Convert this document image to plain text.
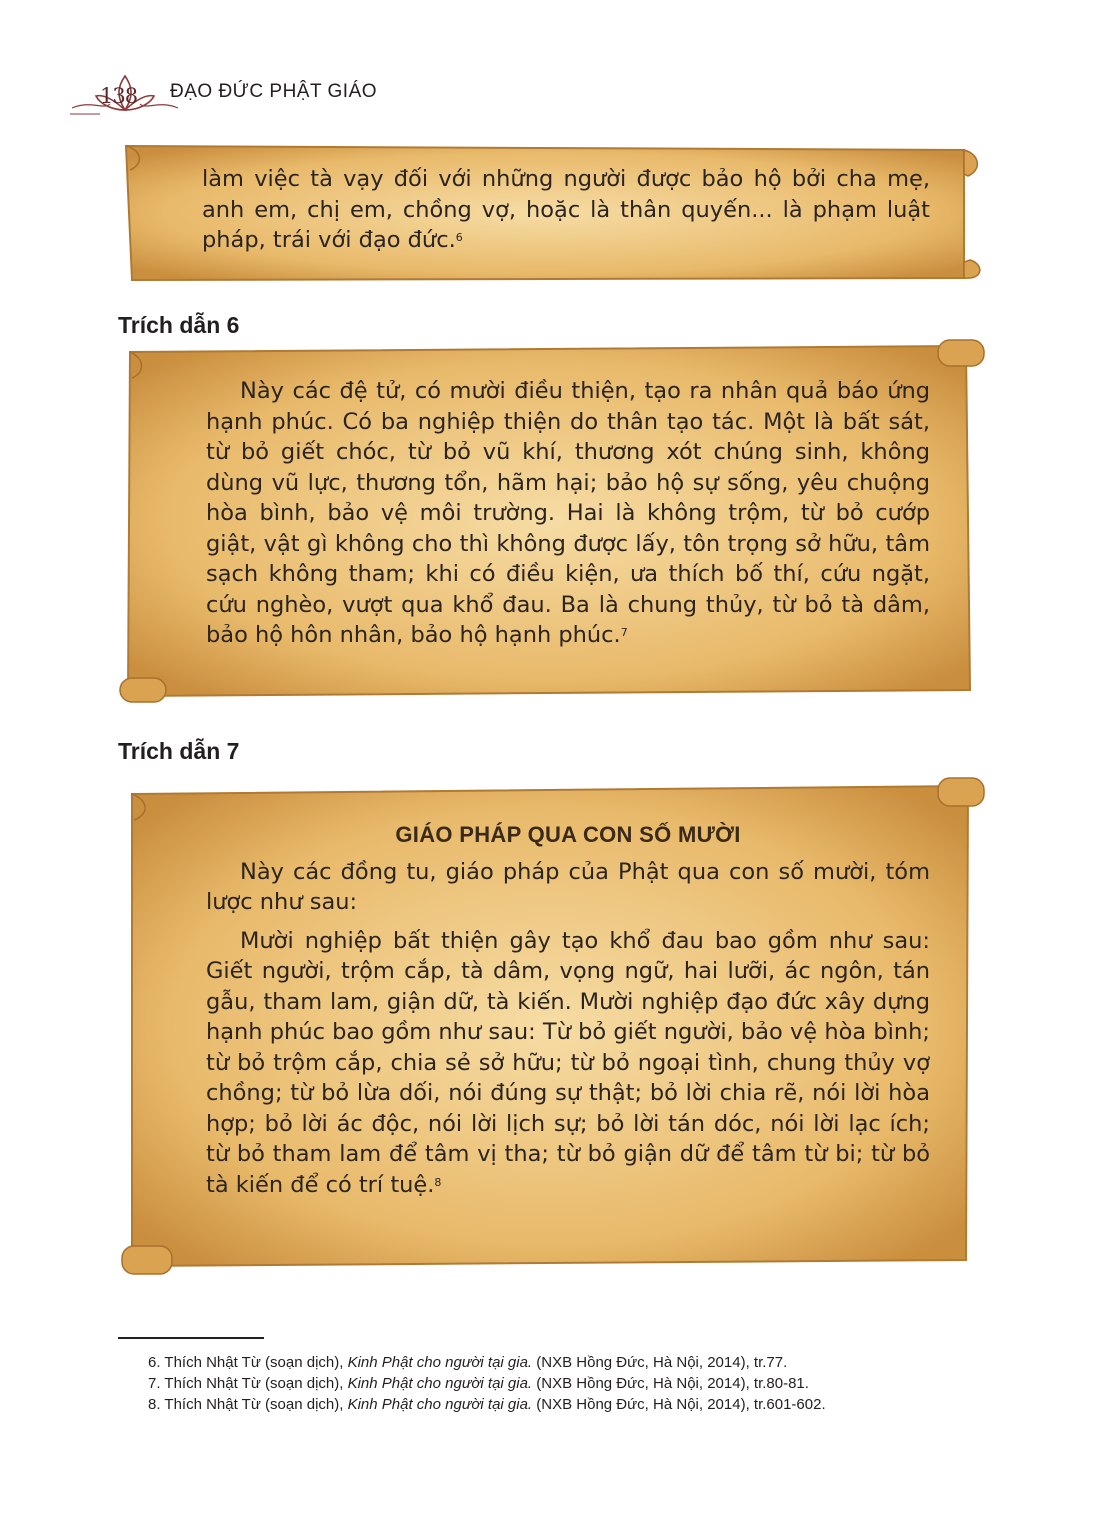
138 ĐẠO ĐỨC PHẬT GIÁO

làm việc tà vạy đối với những người được bảo hộ bởi cha mẹ, anh em, chị em, chồng vợ, hoặc là thân quyến... là phạm luật pháp, trái với đạo đức.$^6$

Trích dẫn 6

Này các đệ tử, có mười điều thiện, tạo ra nhân quả báo ứng hạnh phúc. Có ba nghiệp thiện do thân tạo tác. Một là bất sát, từ bỏ giết chóc, từ bỏ vũ khí, thương xót chúng sinh, không dùng vũ lực, thương tổn, hãm hại; bảo hộ sự sống, yêu chuộng hòa bình, bảo vệ môi trường. Hai là không trộm, từ bỏ cướp giật, vật gì không cho thì không được lấy, tôn trọng sở hữu, tâm sạch không tham; khi có điều kiện, ưa thích bố thí, cứu ngặt, cứu nghèo, vượt qua khổ đau. Ba là chung thủy, từ bỏ tà dâm, bảo hộ hôn nhân, bảo hộ hạnh phúc.$^7$

Trích dẫn 7
GIÁO PHÁP QUA CON SỐ MƯỜI

Này các đồng tu, giáo pháp của Phật qua con số mười, tóm lược như sau:

Mười nghiệp bất thiện gây tạo khổ đau bao gồm như sau: Giết người, trộm cắp, tà dâm, vọng ngữ, hai lưỡi, ác ngôn, tán gẫu, tham lam, giận dữ, tà kiến. Mười nghiệp đạo đức xây dựng hạnh phúc bao gồm như sau: Từ bỏ giết người, bảo vệ hòa bình; từ bỏ trộm cắp, chia sẻ sở hữu; từ bỏ ngoại tình, chung thủy vợ chồng; từ bỏ lừa dối, nói đúng sự thật; bỏ lời chia rẽ, nói lời hòa hợp; bỏ lời ác độc, nói lời lịch sự; bỏ lời tán dóc, nói lời lạc ích; từ bỏ tham lam để tâm vị tha; từ bỏ giận dữ để tâm từ bi; từ bỏ tà kiến để có trí tuệ.$^8$

6. Thích Nhật Từ (soạn dịch), Kinh Phật cho người tại gia. (NXB Hồng Đức, Hà Nội, 2014), tr.77.

7. Thích Nhật Từ (soạn dịch), Kinh Phật cho người tại gia. (NXB Hồng Đức, Hà Nội, 2014), tr.80-81.

8. Thích Nhật Từ (soạn dịch), Kinh Phật cho người tại gia. (NXB Hồng Đức, Hà Nội, 2014), tr.601-602.
